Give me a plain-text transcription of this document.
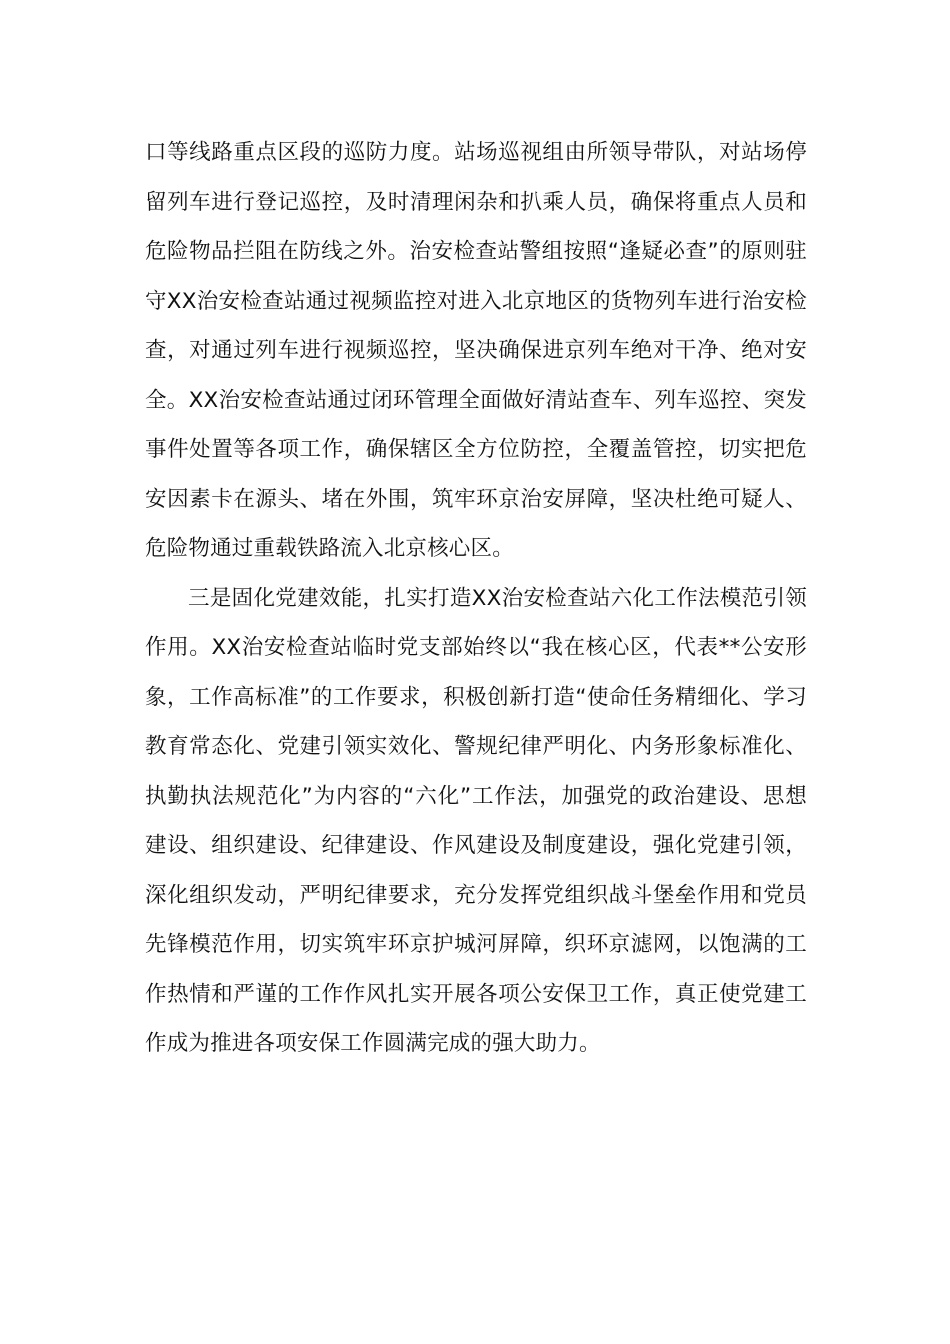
口等线路重点区段的巡防力度。站场巡视组由所领导带队，对站场停留列车进行登记巡控，及时清理闲杂和扒乘人员，确保将重点人员和危险物品拦阻在防线之外。治安检查站警组按照“逢疑必查”的原则驻守XX治安检查站通过视频监控对进入北京地区的货物列车进行治安检查，对通过列车进行视频巡控，坚决确保进京列车绝对干净、绝对安全。XX治安检查站通过闭环管理全面做好清站查车、列车巡控、突发事件处置等各项工作，确保辖区全方位防控，全覆盖管控，切实把危安因素卡在源头、堵在外围，筑牢环京治安屏障，坚决杜绝可疑人、危险物通过重载铁路流入北京核心区。

三是固化党建效能，扎实打造XX治安检查站六化工作法模范引领作用。XX治安检查站临时党支部始终以“我在核心区，代表**公安形象，工作高标准”的工作要求，积极创新打造“使命任务精细化、学习教育常态化、党建引领实效化、警规纪律严明化、内务形象标准化、执勤执法规范化”为内容的“六化”工作法，加强党的政治建设、思想建设、组织建设、纪律建设、作风建设及制度建设，强化党建引领，深化组织发动，严明纪律要求，充分发挥党组织战斗堡垒作用和党员先锋模范作用，切实筑牢环京护城河屏障，织环京滤网，以饱满的工作热情和严谨的工作作风扎实开展各项公安保卫工作，真正使党建工作成为推进各项安保工作圆满完成的强大助力。
